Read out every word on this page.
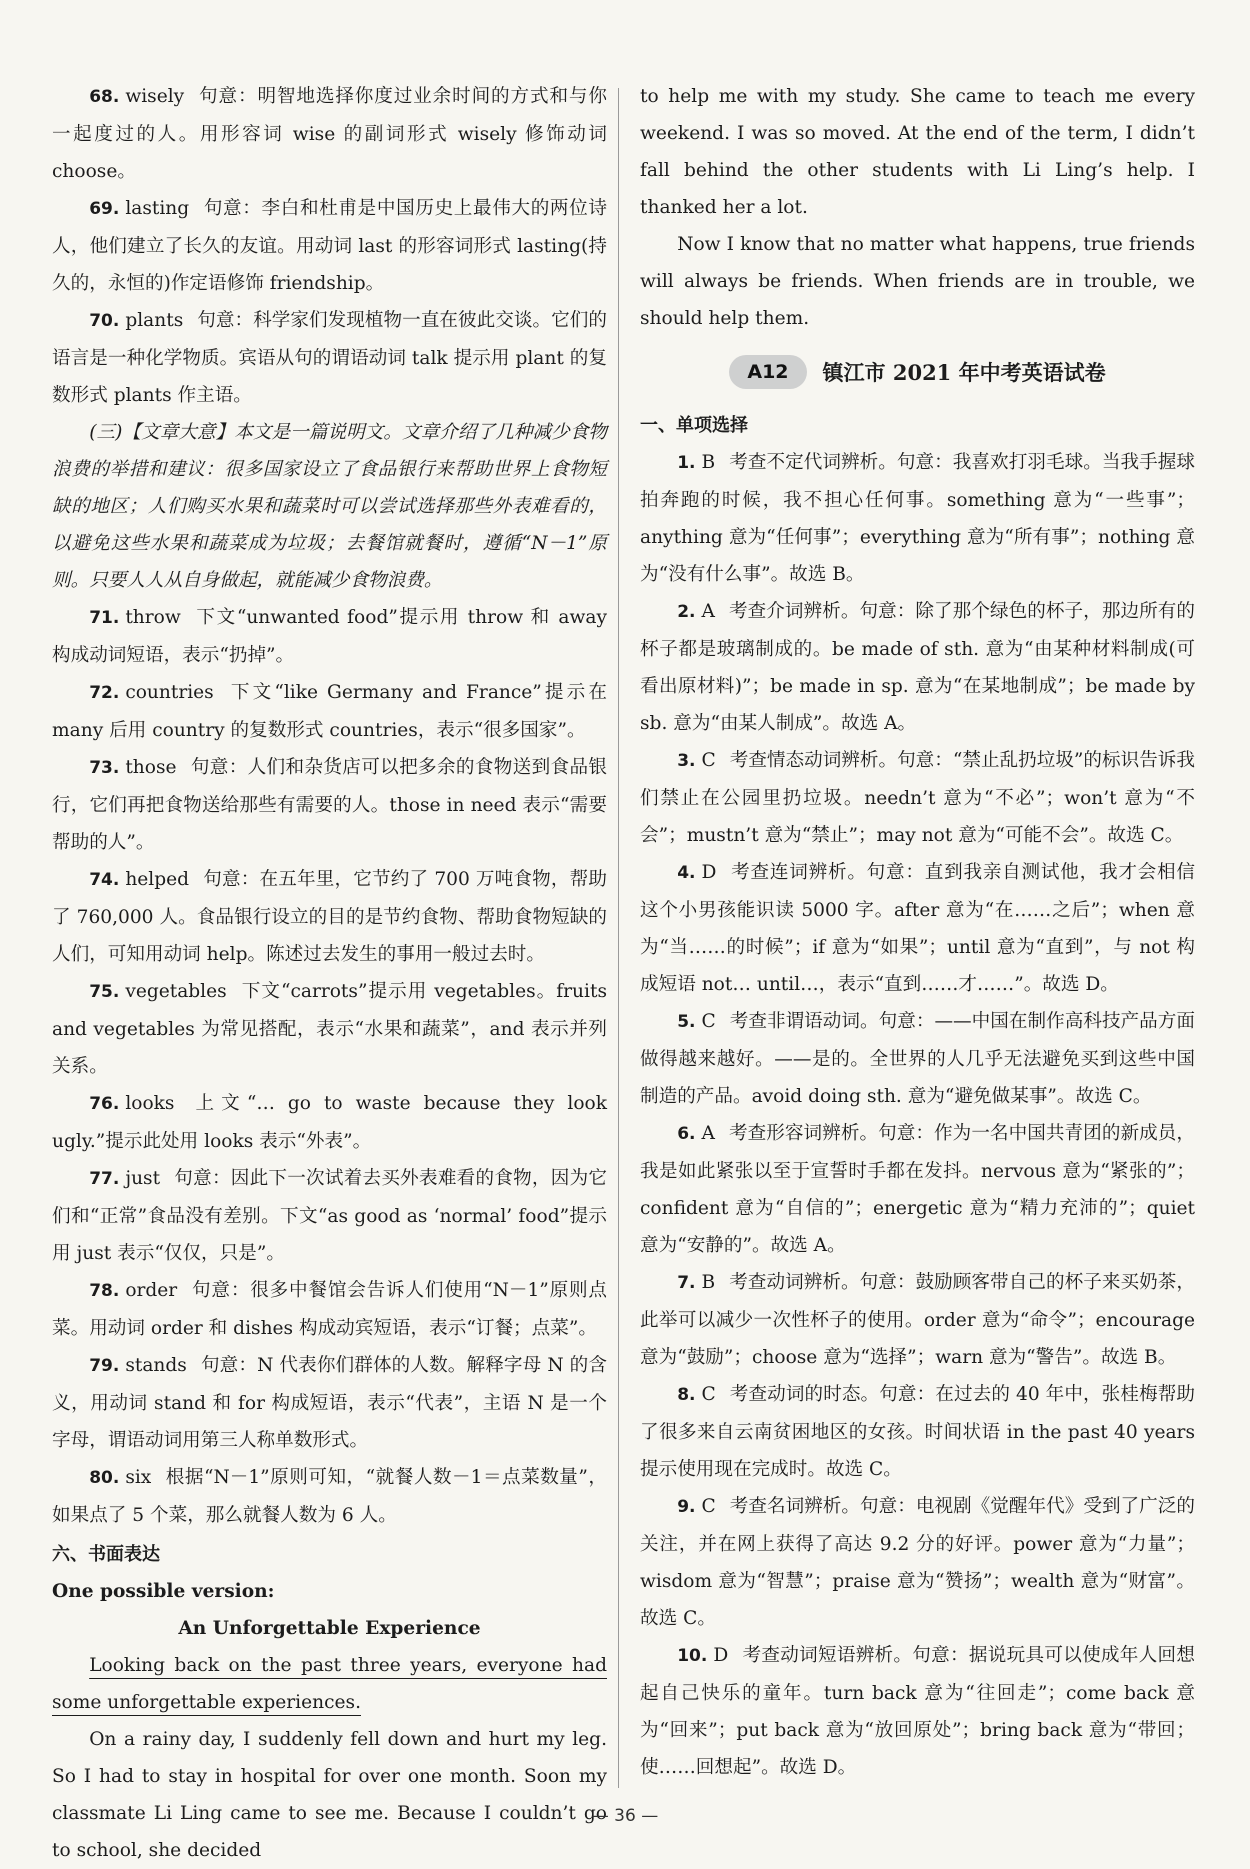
68. wisely 句意：明智地选择你度过业余时间的方式和与你一起度过的人。用形容词 wise 的副词形式 wisely 修饰动词 choose。

69. lasting 句意：李白和杜甫是中国历史上最伟大的两位诗人，他们建立了长久的友谊。用动词 last 的形容词形式 lasting(持久的，永恒的)作定语修饰 friendship。

70. plants 句意：科学家们发现植物一直在彼此交谈。它们的语言是一种化学物质。宾语从句的谓语动词 talk 提示用 plant 的复数形式 plants 作主语。

(三)【文章大意】本文是一篇说明文。文章介绍了几种减少食物浪费的举措和建议：很多国家设立了食品银行来帮助世界上食物短缺的地区；人们购买水果和蔬菜时可以尝试选择那些外表难看的，以避免这些水果和蔬菜成为垃圾；去餐馆就餐时，遵循“N－1”原则。只要人人从自身做起，就能减少食物浪费。

71. throw 下文“unwanted food”提示用 throw 和 away 构成动词短语，表示“扔掉”。

72. countries 下文“like Germany and France”提示在 many 后用 country 的复数形式 countries，表示“很多国家”。

73. those 句意：人们和杂货店可以把多余的食物送到食品银行，它们再把食物送给那些有需要的人。those in need 表示“需要帮助的人”。

74. helped 句意：在五年里，它节约了 700 万吨食物，帮助了 760,000 人。食品银行设立的目的是节约食物、帮助食物短缺的人们，可知用动词 help。陈述过去发生的事用一般过去时。

75. vegetables 下文“carrots”提示用 vegetables。fruits and vegetables 为常见搭配，表示“水果和蔬菜”，and 表示并列关系。

76. looks 上文“… go to waste because they look ugly.”提示此处用 looks 表示“外表”。

77. just 句意：因此下一次试着去买外表难看的食物，因为它们和“正常”食品没有差别。下文“as good as ‘normal’ food”提示用 just 表示“仅仅，只是”。

78. order 句意：很多中餐馆会告诉人们使用“N－1”原则点菜。用动词 order 和 dishes 构成动宾短语，表示“订餐；点菜”。

79. stands 句意：N 代表你们群体的人数。解释字母 N 的含义，用动词 stand 和 for 构成短语，表示“代表”，主语 N 是一个字母，谓语动词用第三人称单数形式。

80. six 根据“N－1”原则可知，“就餐人数－1＝点菜数量”，如果点了 5 个菜，那么就餐人数为 6 人。

六、书面表达

One possible version:

An Unforgettable Experience

Looking back on the past three years, everyone had some unforgettable experiences.

On a rainy day, I suddenly fell down and hurt my leg. So I had to stay in hospital for over one month. Soon my classmate Li Ling came to see me. Because I couldn’t go to school, she decided

to help me with my study. She came to teach me every weekend. I was so moved. At the end of the term, I didn’t fall behind the other students with Li Ling’s help. I thanked her a lot.

Now I know that no matter what happens, true friends will always be friends. When friends are in trouble, we should help them.

A12	镇江市 2021 年中考英语试卷

一、单项选择

1. B 考查不定代词辨析。句意：我喜欢打羽毛球。当我手握球拍奔跑的时候，我不担心任何事。something 意为“一些事”；anything 意为“任何事”；everything 意为“所有事”；nothing 意为“没有什么事”。故选 B。

2. A 考查介词辨析。句意：除了那个绿色的杯子，那边所有的杯子都是玻璃制成的。be made of sth. 意为“由某种材料制成(可看出原材料)”；be made in sp. 意为“在某地制成”；be made by sb. 意为“由某人制成”。故选 A。

3. C 考查情态动词辨析。句意：“禁止乱扔垃圾”的标识告诉我们禁止在公园里扔垃圾。needn’t 意为“不必”；won’t 意为“不会”；mustn’t 意为“禁止”；may not 意为“可能不会”。故选 C。

4. D 考查连词辨析。句意：直到我亲自测试他，我才会相信这个小男孩能识读 5000 字。after 意为“在……之后”；when 意为“当……的时候”；if 意为“如果”；until 意为“直到”，与 not 构成短语 not… until…，表示“直到……才……”。故选 D。

5. C 考查非谓语动词。句意：——中国在制作高科技产品方面做得越来越好。——是的。全世界的人几乎无法避免买到这些中国制造的产品。avoid doing sth. 意为“避免做某事”。故选 C。

6. A 考查形容词辨析。句意：作为一名中国共青团的新成员，我是如此紧张以至于宣誓时手都在发抖。nervous 意为“紧张的”；confident 意为“自信的”；energetic 意为“精力充沛的”；quiet 意为“安静的”。故选 A。

7. B 考查动词辨析。句意：鼓励顾客带自己的杯子来买奶茶，此举可以减少一次性杯子的使用。order 意为“命令”；encourage 意为“鼓励”；choose 意为“选择”；warn 意为“警告”。故选 B。

8. C 考查动词的时态。句意：在过去的 40 年中，张桂梅帮助了很多来自云南贫困地区的女孩。时间状语 in the past 40 years 提示使用现在完成时。故选 C。

9. C 考查名词辨析。句意：电视剧《觉醒年代》受到了广泛的关注，并在网上获得了高达 9.2 分的好评。power 意为“力量”；wisdom 意为“智慧”；praise 意为“赞扬”；wealth 意为“财富”。故选 C。

10. D 考查动词短语辨析。句意：据说玩具可以使成年人回想起自己快乐的童年。turn back 意为“往回走”；come back 意为“回来”；put back 意为“放回原处”；bring back 意为“带回；使……回想起”。故选 D。

— 36 —
